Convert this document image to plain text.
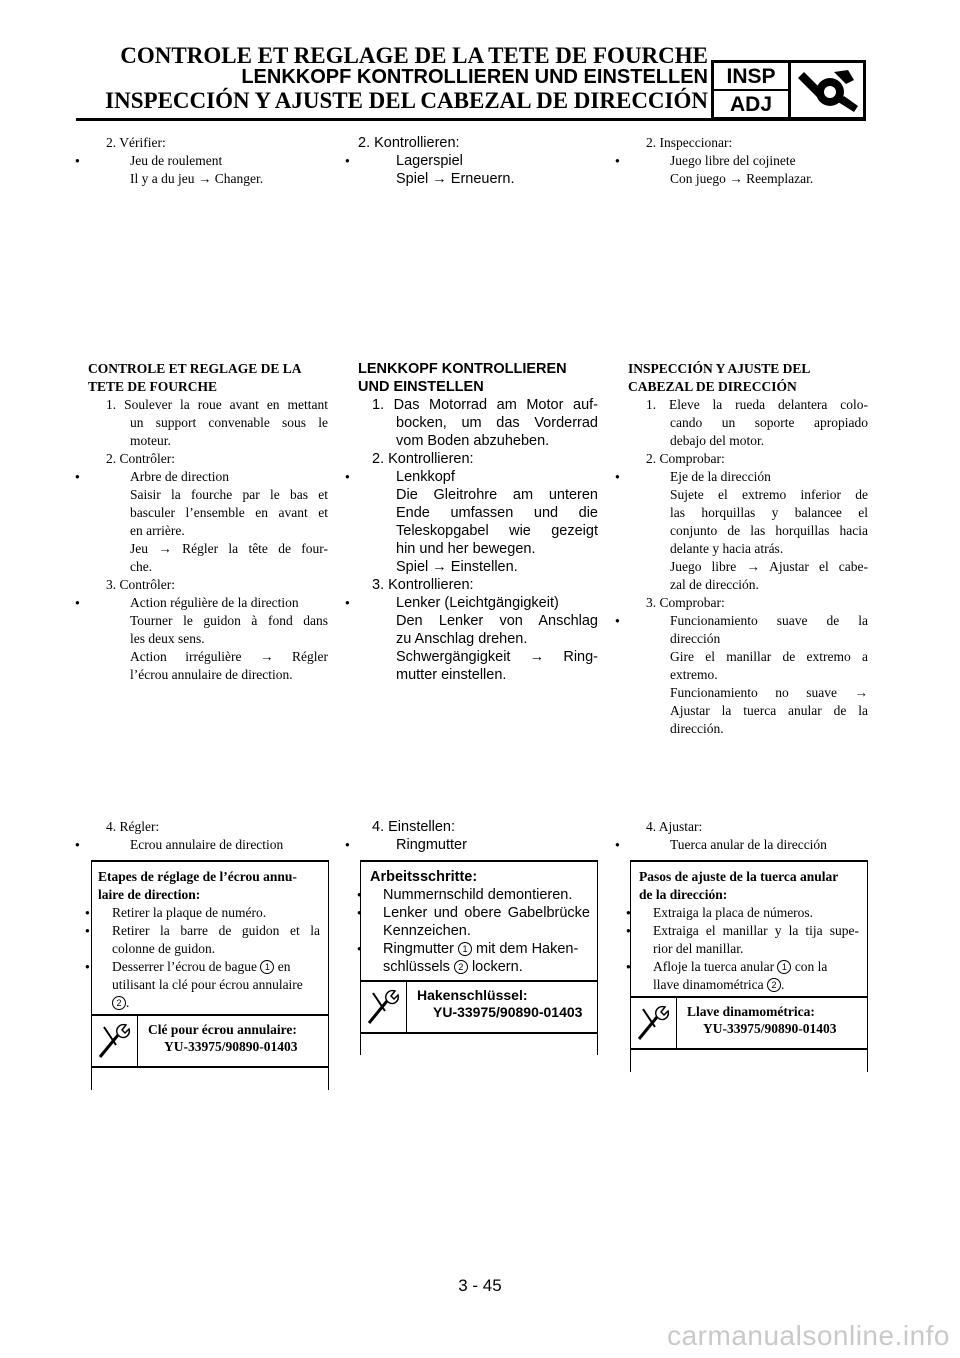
CONTROLE ET REGLAGE DE LA TETE DE FOURCHE
LENKKOPF KONTROLLIEREN UND EINSTELLEN
INSPECCIÓN Y AJUSTE DEL CABEZAL DE DIRECCIÓN
INSP
ADJ
2. Vérifier:
● Jeu de roulement
Il y a du jeu → Changer.
2. Kontrollieren:
● Lagerspiel
Spiel → Erneuern.
2. Inspeccionar:
● Juego libre del cojinete
Con juego → Reemplazar.
CONTROLE ET REGLAGE DE LA
TETE DE FOURCHE
1. Soulever la roue avant en mettant
un support convenable sous le
moteur.
2. Contrôler:
● Arbre de direction
Saisir la fourche par le bas et
basculer l’ensemble en avant et
en arrière.
Jeu → Régler la tête de four-
che.
3. Contrôler:
● Action régulière de la direction
Tourner le guidon à fond dans
les deux sens.
Action irrégulière → Régler
l’écrou annulaire de direction.
LENKKOPF KONTROLLIEREN
UND EINSTELLEN
1. Das Motorrad am Motor auf-
bocken, um das Vorderrad
vom Boden abzuheben.
2. Kontrollieren:
● Lenkkopf
Die Gleitrohre am unteren
Ende umfassen und die
Teleskopgabel wie gezeigt
hin und her bewegen.
Spiel → Einstellen.
3. Kontrollieren:
● Lenker (Leichtgängigkeit)
Den Lenker von Anschlag
zu Anschlag drehen.
Schwergängigkeit → Ring-
mutter einstellen.
INSPECCIÓN Y AJUSTE DEL
CABEZAL DE DIRECCIÓN
1. Eleve la rueda delantera colo-
cando un soporte apropiado
debajo del motor.
2. Comprobar:
● Eje de la dirección
Sujete el extremo inferior de
las horquillas y balancee el
conjunto de las horquillas hacia
delante y hacia atrás.
Juego libre → Ajustar el cabe-
zal de dirección.
3. Comprobar:
● Funcionamiento suave de la
dirección
Gire el manillar de extremo a
extremo.
Funcionamiento no suave →
Ajustar la tuerca anular de la
dirección.
4. Régler:
● Ecrou annulaire de direction
4. Einstellen:
● Ringmutter
4. Ajustar:
● Tuerca anular de la dirección
Etapes de réglage de l’écrou annu-
laire de direction:
● Retirer la plaque de numéro.
● Retirer la barre de guidon et la
colonne de guidon.
● Desserrer l’écrou de bague 1 en
utilisant la clé pour écrou annulaire
2 .
Clé pour écrou annulaire:
YU-33975/90890-01403
Arbeitsschritte:
● Nummernschild demontieren.
● Lenker und obere Gabelbrücke
Kennzeichen.
● Ringmutter 1 mit dem Haken-
schlüssels 2 lockern.
Hakenschlüssel:
YU-33975/90890-01403
Pasos de ajuste de la tuerca anular
de la dirección:
● Extraiga la placa de números.
● Extraiga el manillar y la tija supe-
rior del manillar.
● Afloje la tuerca anular 1 con la
llave dinamométrica 2 .
Llave dinamométrica:
YU-33975/90890-01403
3 - 45
carmanualsonline.info
